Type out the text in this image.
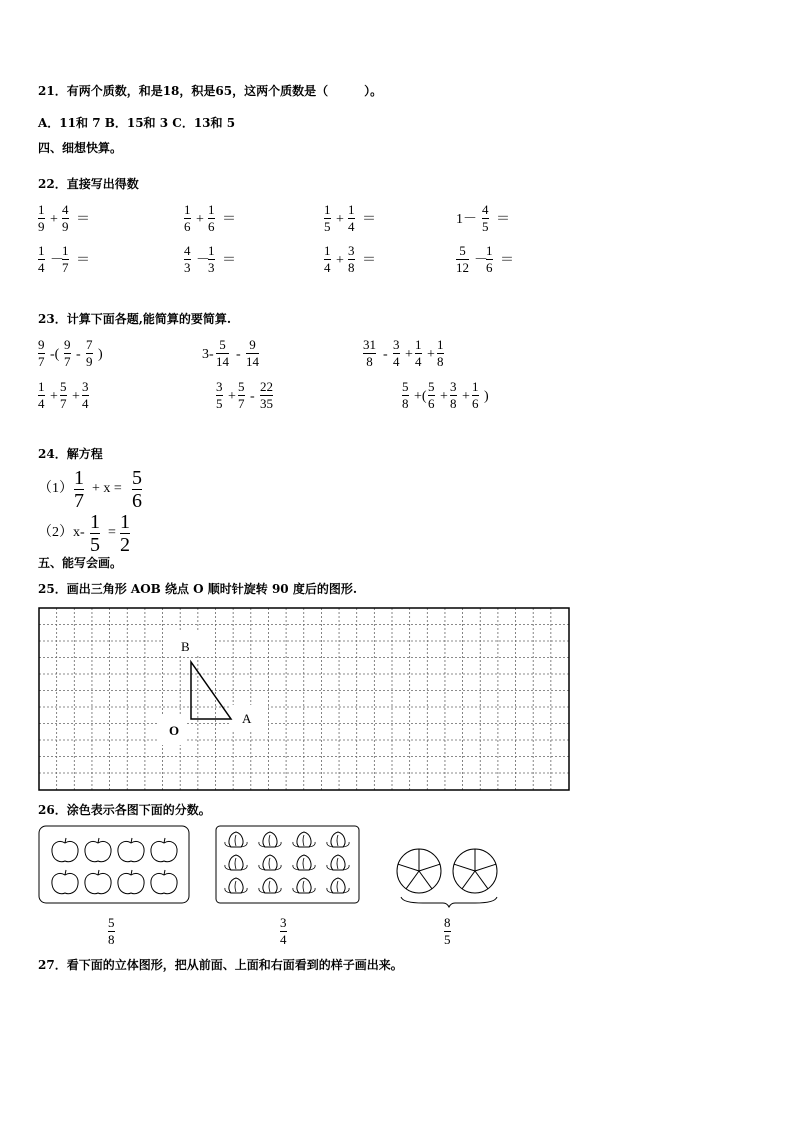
21．有两个质数，和是18，积是65，这两个质数是（　　　）。
A．11和 7 B．15和 3 C．13和 5
四、细想快算。
22．直接写出得数
1
9 +
4
9 ＝
1
6 +
1
6 ＝
1
5 +
1
4 ＝	1－
4
5 ＝
1
4 －
1
7 ＝
4
3 －
1
3 ＝
1
4 +
3
8 ＝
5
12 －
1
6 ＝
23．计算下面各题,能简算的要简算.
9
7 -(
9
7 -
7
9 )	3-
5
14 -
9
14
31
8 -
3
4 +
1
4 +
1
8
1
4 +
5
7 +
3
4
3
5 +
5
7 -
22
35
5
8 +(
5
6 +
3
8 +
1
6 )
24．解方程
（1） 1
7
+ x = 5
6
（2）x- 1
5
= 1
2
五、能写会画。
25．画出三角形 AOB 绕点 O 顺时针旋转 90 度后的图形.
B
O
A
26．涂色表示各图下面的分数。
5
8
3
4
8
5
27．看下面的立体图形，把从前面、上面和右面看到的样子画出来。
